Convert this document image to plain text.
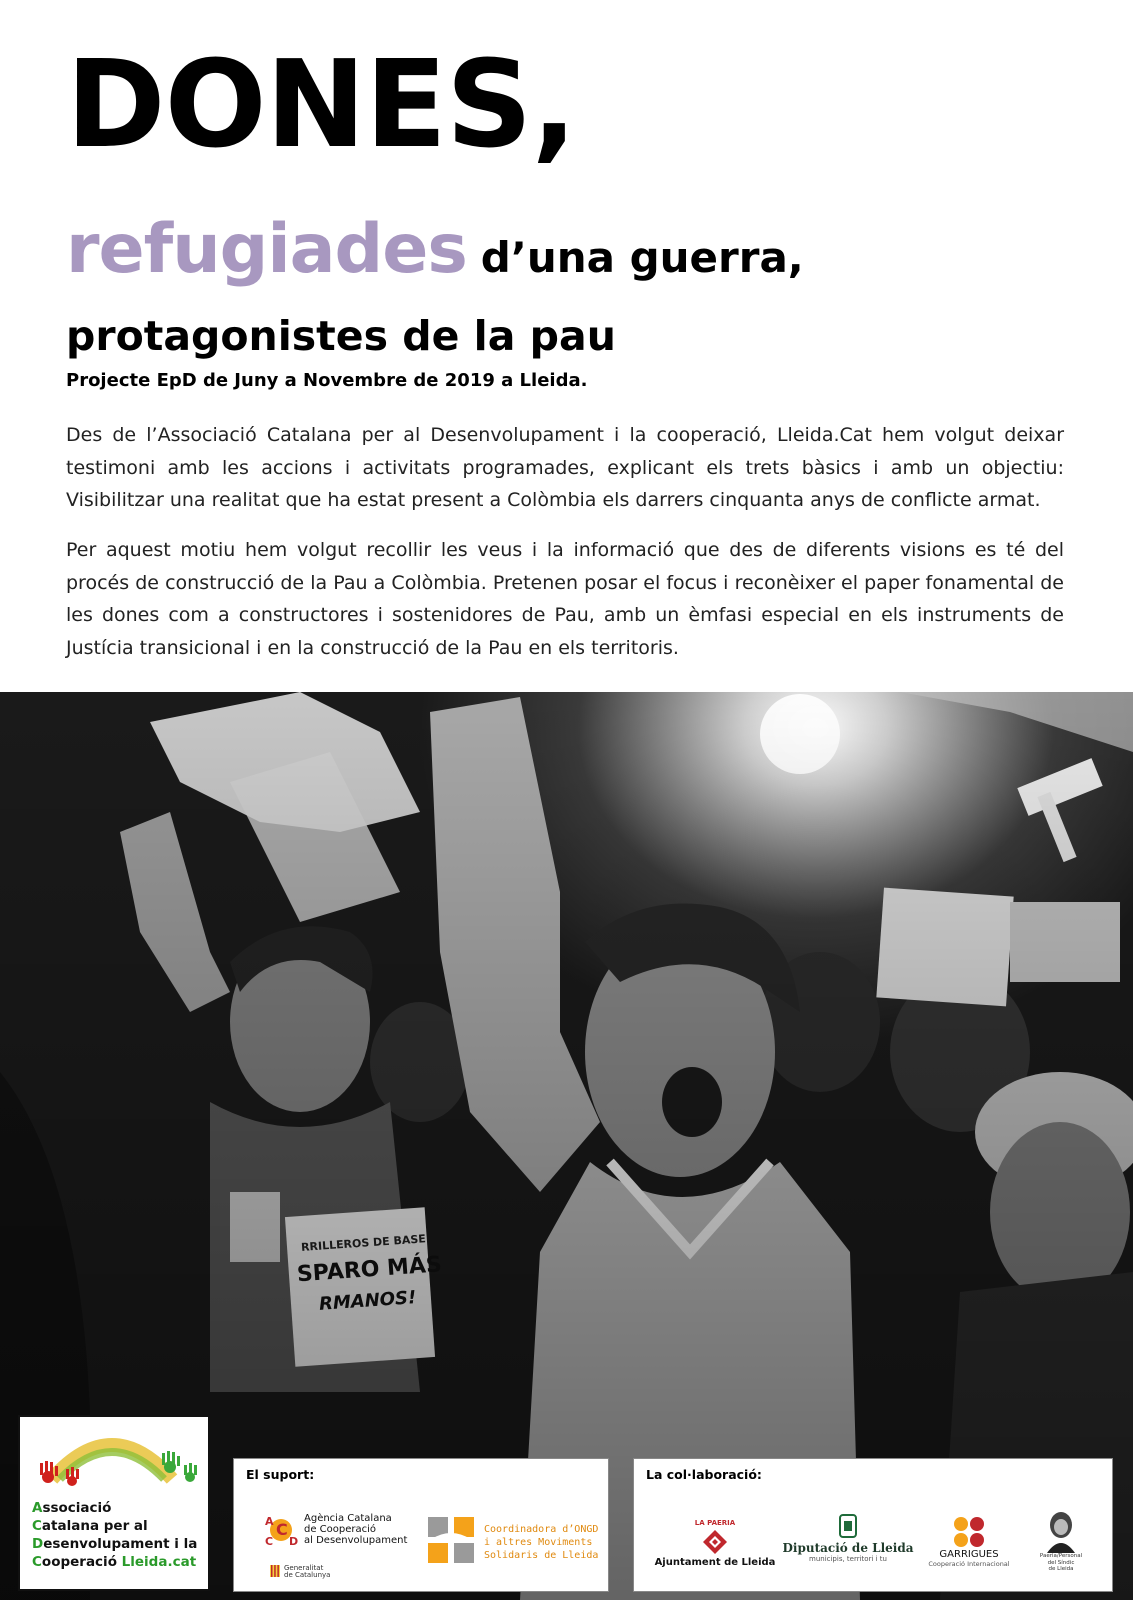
DONES,

refugiades d’una guerra,

protagonistes de la pau

Projecte EpD de Juny a Novembre de 2019 a Lleida.

Des de l’Associació Catalana per al Desenvolupament i la cooperació, Lleida.Cat hem volgut deixar testimoni amb les accions i activitats programades, explicant els trets bàsics i amb un objectiu: Visibilitzar una realitat que ha estat present a Colòmbia els darrers cinquanta anys de conflicte armat.

Per aquest motiu hem volgut recollir les veus i la informació que des de diferents visions es té del procés de construcció de la Pau a Colòmbia. Pretenen posar el focus i reconèixer el paper fonamental de les dones com a constructores i sostenidores de Pau, amb un èmfasi especial en els instruments de Justícia transicional i en la construcció de la Pau en els territoris.

Associació
Catalana per al
Desenvolupament i la
Cooperació Lleida.cat

El suport:

A C
C D
Agència Catalana
de Cooperació
al Desenvolupament
Generalitat
de Catalunya
Coordinadora d’ONGD
i altres Moviments
Solidaris de Lleida

La col·laboració:

LA PAERIA
Ajuntament de Lleida
Diputació de Lleida
municipis, territori i tu	GARRIGUES
Cooperació Internacional
Paeria/Personal
del Síndic
de Lleida
